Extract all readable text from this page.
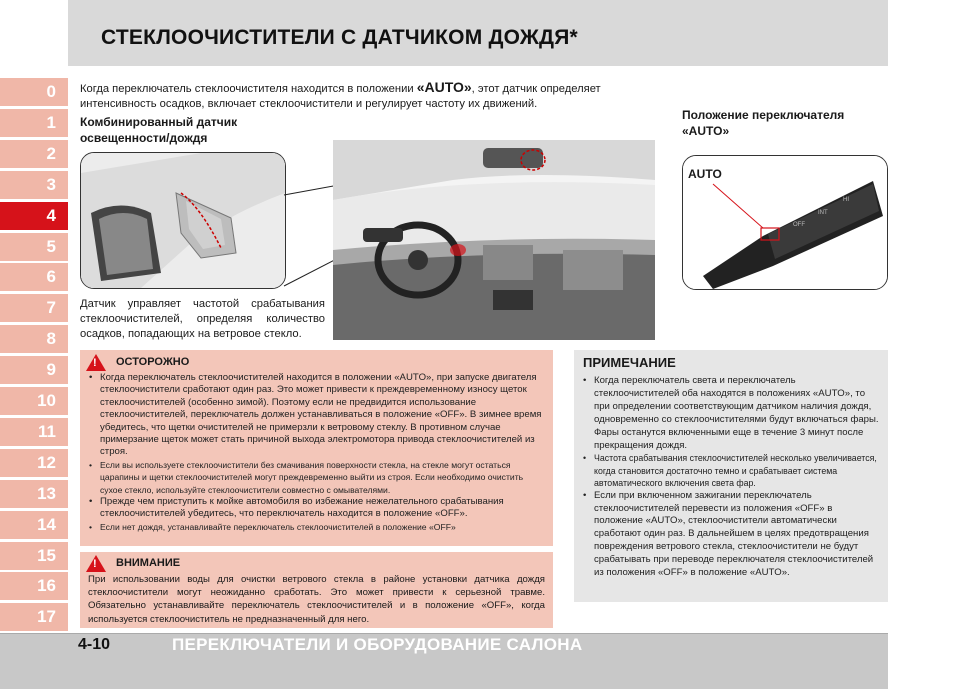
СТЕКЛООЧИСТИТЕЛИ С ДАТЧИКОМ ДОЖДЯ*
0
1
2
3
4
5
6
7
8
9
10
11
12
13
14
15
16
17
Когда переключатель стеклоочистителя находится в положении «AUTO», этот датчик определяет интенсивность осадков, включает стеклоочистители и регулирует частоту их движений.
Комбинированный датчик освещенности/дождя
Положение переключателя «AUTO»
OFF
INT
HI
AUTO
Датчик управляет частотой срабатывания стеклоочистителей, определяя количество осадков, попадающих на ветровое стекло.
! ОСТОРОЖНО
• Когда переключатель стеклоочистителей находится в положении «AUTO», при запуске двигателя стеклоочистители сработают один раз. Это может привести к преждевременному износу щеток стеклоочистителей (особенно зимой). Поэтому если не предвидится использование стеклоочистителей, переключатель должен устанавливаться в положение «OFF». В зимнее время убедитесь, что щетки очистителей не примерзли к ветровому стеклу. В противном случае примерзание щеток может стать причиной выхода электромотора привода стеклоочистителей из строя.
• Если вы используете стеклоочистители без смачивания поверхности стекла, на стекле могут остаться царапины и щетки стеклоочистителей могут преждевременно выйти из строя. Если необходимо очистить сухое стекло, используйте стеклоочистители совместно с омывателями.
• Прежде чем приступить к мойке автомобиля во избежание нежелательного срабатывания стеклоочистителей убедитесь, что переключатель находится в положение «OFF».
• Если нет дождя, устанавливайте переключатель стеклоочистителей в положение «OFF»
! ВНИМАНИЕ
При использовании воды для очистки ветрового стекла в районе установки датчика дождя стеклоочистители могут неожиданно сработать. Это может привести к серьезной травме. Обязательно устанавливайте переключатель стеклоочистителей и в положение «OFF», когда используется стеклоочиститель не предназначенный для него.
ПРИМЕЧАНИЕ
• Когда переключатель света и переключатель стеклоочистителей оба находятся в положениях «AUTO», то при определении соответствующим датчиком наличия дождя, одновременно со стеклоочистителями будут включаться фары. Фары останутся включенными еще в течение 3 минут после прекращения дождя.
• Частота срабатывания стеклоочистителей несколько увеличивается, когда становится достаточно темно и срабатывает система автоматического включения света фар.
• Если при включенном зажигании переключатель стеклоочистителей перевести из положения «OFF» в положение «AUTO», стеклоочистители автоматически сработают один раз. В дальнейшем в целях предотвращения повреждения ветрового стекла, стеклоочистители не будут срабатывать при переводе переключателя стеклоочистителей из положения «OFF» в положение «AUTO».
4-10	ПЕРЕКЛЮЧАТЕЛИ И ОБОРУДОВАНИЕ САЛОНА
